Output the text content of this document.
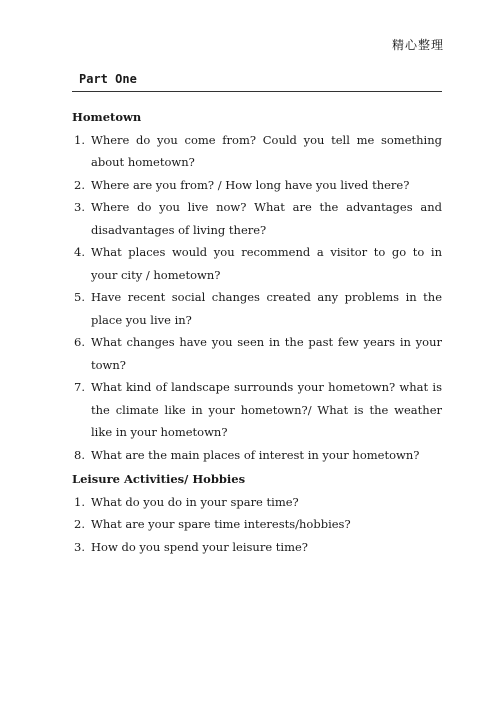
精心整理
Part One
Hometown
1. Where do you come from? Could you tell me something about hometown?
2. Where are you from? / How long have you lived there?
3. Where do you live now? What are the advantages and disadvantages of living there?
4. What places would you recommend a visitor to go to in your city / hometown?
5. Have recent social changes created any problems in the place you live in?
6. What changes have you seen in the past few years in your town?
7. What kind of landscape surrounds your hometown? what is the climate like in your hometown?/ What is the weather like in your hometown?
8. What are the main places of interest in your hometown?
Leisure Activities/ Hobbies
1. What do you do in your spare time?
2. What are your spare time interests/hobbies?
3. How do you spend your leisure time?
